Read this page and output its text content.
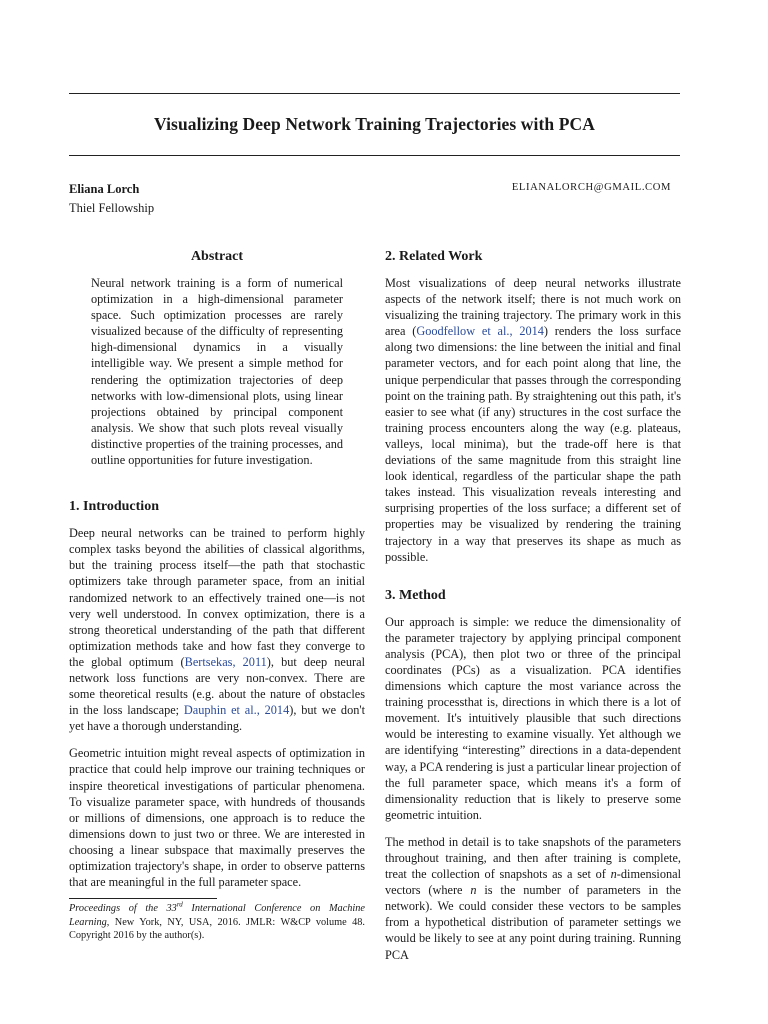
Visualizing Deep Network Training Trajectories with PCA
Eliana Lorch
Thiel Fellowship
ELIANALORCH@GMAIL.COM
Abstract

Neural network training is a form of numerical optimization in a high-dimensional parameter space. Such optimization processes are rarely visualized because of the difficulty of representing high-dimensional dynamics in a visually intelligible way. We present a simple method for rendering the optimization trajectories of deep networks with low-dimensional plots, using linear projections obtained by principal component analysis. We show that such plots reveal visually distinctive properties of the training processes, and outline opportunities for future investigation.

1. Introduction

Deep neural networks can be trained to perform highly complex tasks beyond the abilities of classical algorithms, but the training process itself—the path that stochastic optimizers take through parameter space, from an initial randomized network to an effectively trained one—is not very well understood. In convex optimization, there is a strong theoretical understanding of the path that different optimization methods take and how fast they converge to the global optimum (Bertsekas, 2011), but deep neural network loss functions are very non-convex. There are some theoretical results (e.g. about the nature of obstacles in the loss landscape; Dauphin et al., 2014), but we don't yet have a thorough understanding.

Geometric intuition might reveal aspects of optimization in practice that could help improve our training techniques or inspire theoretical investigations of particular phenomena. To visualize parameter space, with hundreds of thousands or millions of dimensions, one approach is to reduce the dimensions down to just two or three. We are interested in choosing a linear subspace that maximally preserves the optimization trajectory's shape, in order to observe patterns that are meaningful in the full parameter space.

Proceedings of the 33rd International Conference on Machine Learning, New York, NY, USA, 2016. JMLR: W&CP volume 48. Copyright 2016 by the author(s).
2. Related Work

Most visualizations of deep neural networks illustrate aspects of the network itself; there is not much work on visualizing the training trajectory. The primary work in this area (Goodfellow et al., 2014) renders the loss surface along two dimensions: the line between the initial and final parameter vectors, and for each point along that line, the unique perpendicular that passes through the corresponding point on the training path. By straightening out this path, it's easier to see what (if any) structures in the cost surface the training process encounters along the way (e.g. plateaus, valleys, local minima), but the trade-off here is that deviations of the same magnitude from this straight line look identical, regardless of the particular shape the path takes instead. This visualization reveals interesting and surprising properties of the loss surface; a different set of properties may be visualized by rendering the training trajectory in a way that preserves its shape as much as possible.

3. Method

Our approach is simple: we reduce the dimensionality of the parameter trajectory by applying principal component analysis (PCA), then plot two or three of the principal coordinates (PCs) as a visualization. PCA identifies dimensions which capture the most variance across the training processthat is, directions in which there is a lot of movement. It's intuitively plausible that such directions would be interesting to examine visually. Yet although we are identifying “interesting” directions in a data-dependent way, a PCA rendering is just a particular linear projection of the full parameter space, which means it's a form of dimensionality reduction that is likely to preserve some geometric intuition.

The method in detail is to take snapshots of the parameters throughout training, and then after training is complete, treat the collection of snapshots as a set of n-dimensional vectors (where n is the number of parameters in the network). We could consider these vectors to be samples from a hypothetical distribution of parameter settings we would be likely to see at any point during training. Running PCA
